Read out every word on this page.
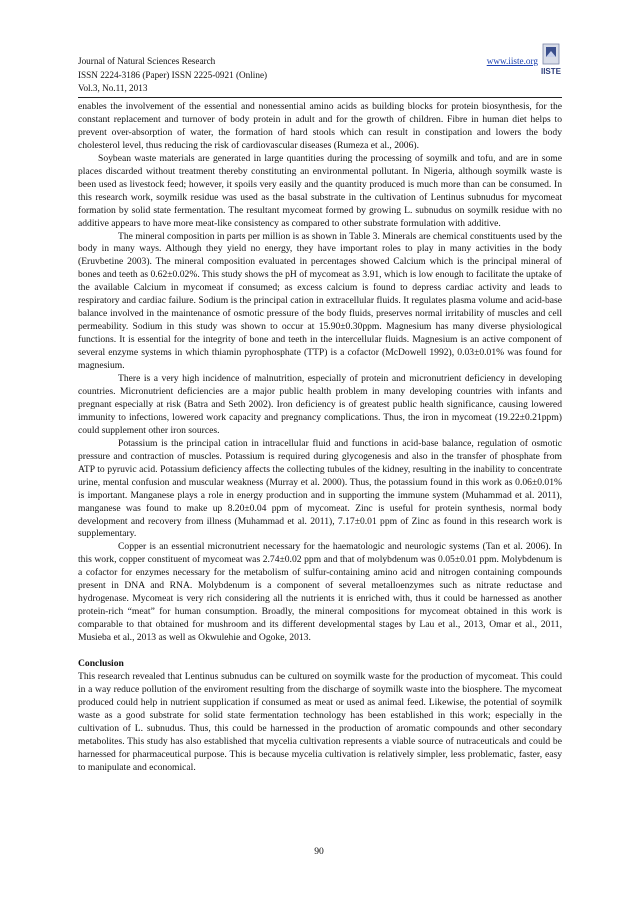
Journal of Natural Sciences Research
ISSN 2224-3186 (Paper) ISSN 2225-0921 (Online)
Vol.3, No.11, 2013
www.iiste.org
IISTE

enables the involvement of the essential and nonessential amino acids as building blocks for protein biosynthesis, for the constant replacement and turnover of body protein in adult and for the growth of children. Fibre in human diet helps to prevent over-absorption of water, the formation of hard stools which can result in constipation and lowers the body cholesterol level, thus reducing the risk of cardiovascular diseases (Rumeza et al., 2006).

Soybean waste materials are generated in large quantities during the processing of soymilk and tofu, and are in some places discarded without treatment thereby constituting an environmental pollutant. In Nigeria, although soymilk waste is been used as livestock feed; however, it spoils very easily and the quantity produced is much more than can be consumed. In this research work, soymilk residue was used as the basal substrate in the cultivation of Lentinus subnudus for mycomeat formation by solid state fermentation. The resultant mycomeat formed by growing L. subnudus on soymilk residue with no additive appears to have more meat-like consistency as compared to other substrate formulation with additive.

The mineral composition in parts per million is as shown in Table 3. Minerals are chemical constituents used by the body in many ways. Although they yield no energy, they have important roles to play in many activities in the body (Eruvbetine 2003). The mineral composition evaluated in percentages showed Calcium which is the principal mineral of bones and teeth as 0.62±0.02%. This study shows the pH of mycomeat as 3.91, which is low enough to facilitate the uptake of the available Calcium in mycomeat if consumed; as excess calcium is found to depress cardiac activity and leads to respiratory and cardiac failure. Sodium is the principal cation in extracellular fluids. It regulates plasma volume and acid-base balance involved in the maintenance of osmotic pressure of the body fluids, preserves normal irritability of muscles and cell permeability. Sodium in this study was shown to occur at 15.90±0.30ppm. Magnesium has many diverse physiological functions. It is essential for the integrity of bone and teeth in the intercellular fluids. Magnesium is an active component of several enzyme systems in which thiamin pyrophosphate (TTP) is a cofactor (McDowell 1992), 0.03±0.01% was found for magnesium.

There is a very high incidence of malnutrition, especially of protein and micronutrient deficiency in developing countries. Micronutrient deficiencies are a major public health problem in many developing countries with infants and pregnant especially at risk (Batra and Seth 2002). Iron deficiency is of greatest public health significance, causing lowered immunity to infections, lowered work capacity and pregnancy complications. Thus, the iron in mycomeat (19.22±0.21ppm) could supplement other iron sources.

Potassium is the principal cation in intracellular fluid and functions in acid-base balance, regulation of osmotic pressure and contraction of muscles. Potassium is required during glycogenesis and also in the transfer of phosphate from ATP to pyruvic acid. Potassium deficiency affects the collecting tubules of the kidney, resulting in the inability to concentrate urine, mental confusion and muscular weakness (Murray et al. 2000). Thus, the potassium found in this work as 0.06±0.01% is important. Manganese plays a role in energy production and in supporting the immune system (Muhammad et al. 2011), manganese was found to make up 8.20±0.04 ppm of mycomeat. Zinc is useful for protein synthesis, normal body development and recovery from illness (Muhammad et al. 2011), 7.17±0.01 ppm of Zinc as found in this research work is supplementary.

Copper is an essential micronutrient necessary for the haematologic and neurologic systems (Tan et al. 2006). In this work, copper constituent of mycomeat was 2.74±0.02 ppm and that of molybdenum was 0.05±0.01 ppm. Molybdenum is a cofactor for enzymes necessary for the metabolism of sulfur-containing amino acid and nitrogen containing compounds present in DNA and RNA. Molybdenum is a component of several metalloenzymes such as nitrate reductase and hydrogenase. Mycomeat is very rich considering all the nutrients it is enriched with, thus it could be harnessed as another protein-rich “meat” for human consumption. Broadly, the mineral compositions for mycomeat obtained in this work is comparable to that obtained for mushroom and its different developmental stages by Lau et al., 2013, Omar et al., 2011, Musieba et al., 2013 as well as Okwulehie and Ogoke, 2013.

Conclusion

This research revealed that Lentinus subnudus can be cultured on soymilk waste for the production of mycomeat. This could in a way reduce pollution of the enviroment resulting from the discharge of soymilk waste into the biosphere. The mycomeat produced could help in nutrient supplication if consumed as meat or used as animal feed. Likewise, the potential of soymilk waste as a good substrate for solid state fermentation technology has been established in this work; especially in the cultivation of L. subnudus. Thus, this could be harnessed in the production of aromatic compounds and other secondary metabolites. This study has also established that mycelia cultivation represents a viable source of nutraceuticals and could be harnessed for pharmaceutical purpose. This is because mycelia cultivation is relatively simpler, less problematic, faster, easy to manipulate and economical.

90
